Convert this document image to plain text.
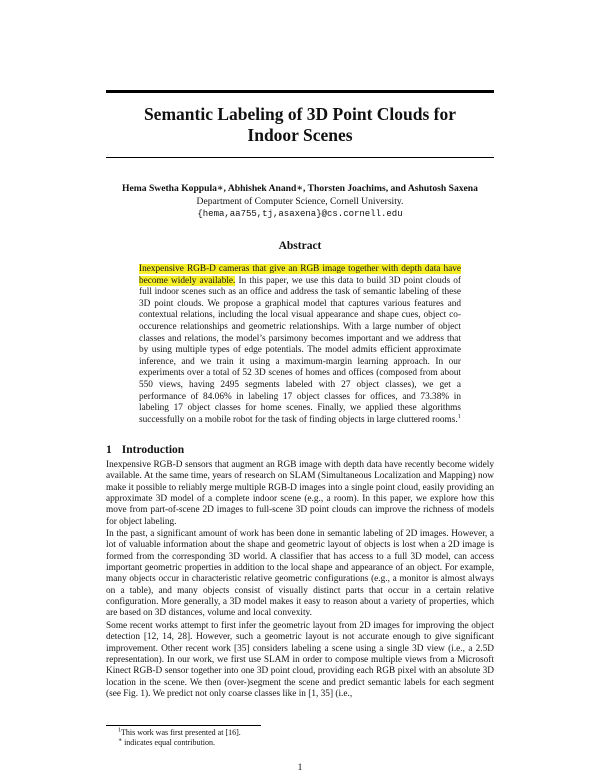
Semantic Labeling of 3D Point Clouds for
Indoor Scenes
Hema Swetha Koppula∗, Abhishek Anand∗, Thorsten Joachims, and Ashutosh Saxena
Department of Computer Science, Cornell University.
{hema,aa755,tj,asaxena}@cs.cornell.edu
Abstract

Inexpensive RGB-D cameras that give an RGB image together with depth data have become widely available. In this paper, we use this data to build 3D point clouds of full indoor scenes such as an office and address the task of semantic labeling of these 3D point clouds. We propose a graphical model that captures various features and contextual relations, including the local visual appearance and shape cues, object co-occurence relationships and geometric relationships. With a large number of object classes and relations, the model’s parsimony becomes important and we address that by using multiple types of edge potentials. The model admits efficient approximate inference, and we train it using a maximum-margin learning approach. In our experiments over a total of 52 3D scenes of homes and offices (composed from about 550 views, having 2495 segments labeled with 27 object classes), we get a performance of 84.06% in labeling 17 object classes for offices, and 73.38% in labeling 17 object classes for home scenes. Finally, we applied these algorithms successfully on a mobile robot for the task of finding objects in large cluttered rooms.$^1$

1 Introduction

Inexpensive RGB-D sensors that augment an RGB image with depth data have recently become widely available. At the same time, years of research on SLAM (Simultaneous Localization and Mapping) now make it possible to reliably merge multiple RGB-D images into a single point cloud, easily providing an approximate 3D model of a complete indoor scene (e.g., a room). In this paper, we explore how this move from part-of-scene 2D images to full-scene 3D point clouds can improve the richness of models for object labeling.

In the past, a significant amount of work has been done in semantic labeling of 2D images. However, a lot of valuable information about the shape and geometric layout of objects is lost when a 2D image is formed from the corresponding 3D world. A classifier that has access to a full 3D model, can access important geometric properties in addition to the local shape and appearance of an object. For example, many objects occur in characteristic relative geometric configurations (e.g., a monitor is almost always on a table), and many objects consist of visually distinct parts that occur in a certain relative configuration. More generally, a 3D model makes it easy to reason about a variety of properties, which are based on 3D distances, volume and local convexity.

Some recent works attempt to first infer the geometric layout from 2D images for improving the object detection [12, 14, 28]. However, such a geometric layout is not accurate enough to give significant improvement. Other recent work [35] considers labeling a scene using a single 3D view (i.e., a 2.5D representation). In our work, we first use SLAM in order to compose multiple views from a Microsoft Kinect RGB-D sensor together into one 3D point cloud, providing each RGB pixel with an absolute 3D location in the scene. We then (over-)segment the scene and predict semantic labels for each segment (see Fig. 1). We predict not only coarse classes like in [1, 35] (i.e.,

$^1$This work was first presented at [16].
∗ indicates equal contribution.
1
